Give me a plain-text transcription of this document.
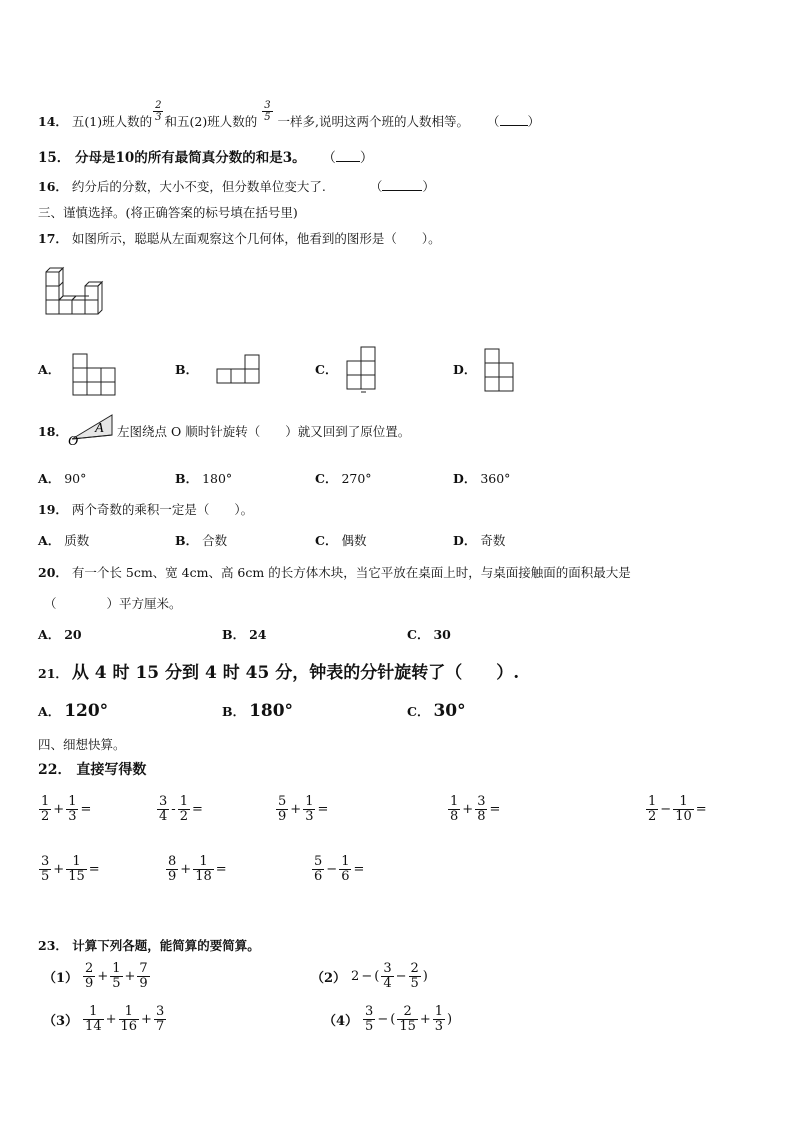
14． 五(1)班人数的 $\frac{2}{3}$ 和五(2)班人数的 $\frac{3}{5}$ 一样多,说明这两个班的人数相等。 （ ）
15． 分母是10的所有最简真分数的和是3。 （ ）
16． 约分后的分数，大小不变，但分数单位变大了.	（	）
三、谨慎选择。(将正确答案的标号填在括号里)
17． 如图所示，聪聪从左面观察这个几何体，他看到的图形是（　　）。
A．	B．	C．	D．
18． A
O
左图绕点 O 顺时针旋转（　　）就又回到了原位置。
A． 90°	B． 180°	C． 270°	D． 360°
19． 两个奇数的乘积一定是（　　）。
A． 质数	B． 合数	C． 偶数	D． 奇数
20． 有一个长 5cm、宽 4cm、高 6cm 的长方体木块，当它平放在桌面上时，与桌面接触面的面积最大是
（　　　　）平方厘米。
A． 20	B． 24	C． 30
21． 从 4 时 15 分到 4 时 45 分，钟表的分针旋转了（　　）.
A． 120°	B． 180°	C． 30°
四、细想快算。
22． 直接写得数
$\frac{1}{2} + \frac{1}{3}$ =	$\frac{3}{4} - \frac{1}{2}$ =	$\frac{5}{9} + \frac{1}{3}$ =	$\frac{1}{8} + \frac{3}{8}$ =	$\frac{1}{2} - \frac{1}{10}$ =
$\frac{3}{5} + \frac{1}{15}$ =	$\frac{8}{9} + \frac{1}{18}$ =	$\frac{5}{6} - \frac{1}{6}$ =
23． 计算下列各题，能简算的要简算。
$(1) \frac{2}{9} + \frac{1}{5} + \frac{7}{9}$	（2） 2 − ( $\frac{3}{4} - \frac{2}{5}$ )
$(3) \frac{1}{14} + \frac{1}{16} + \frac{3}{7}$	$(4) \frac{3}{5}$ − ( $\frac{2}{15} + \frac{1}{3}$ )
